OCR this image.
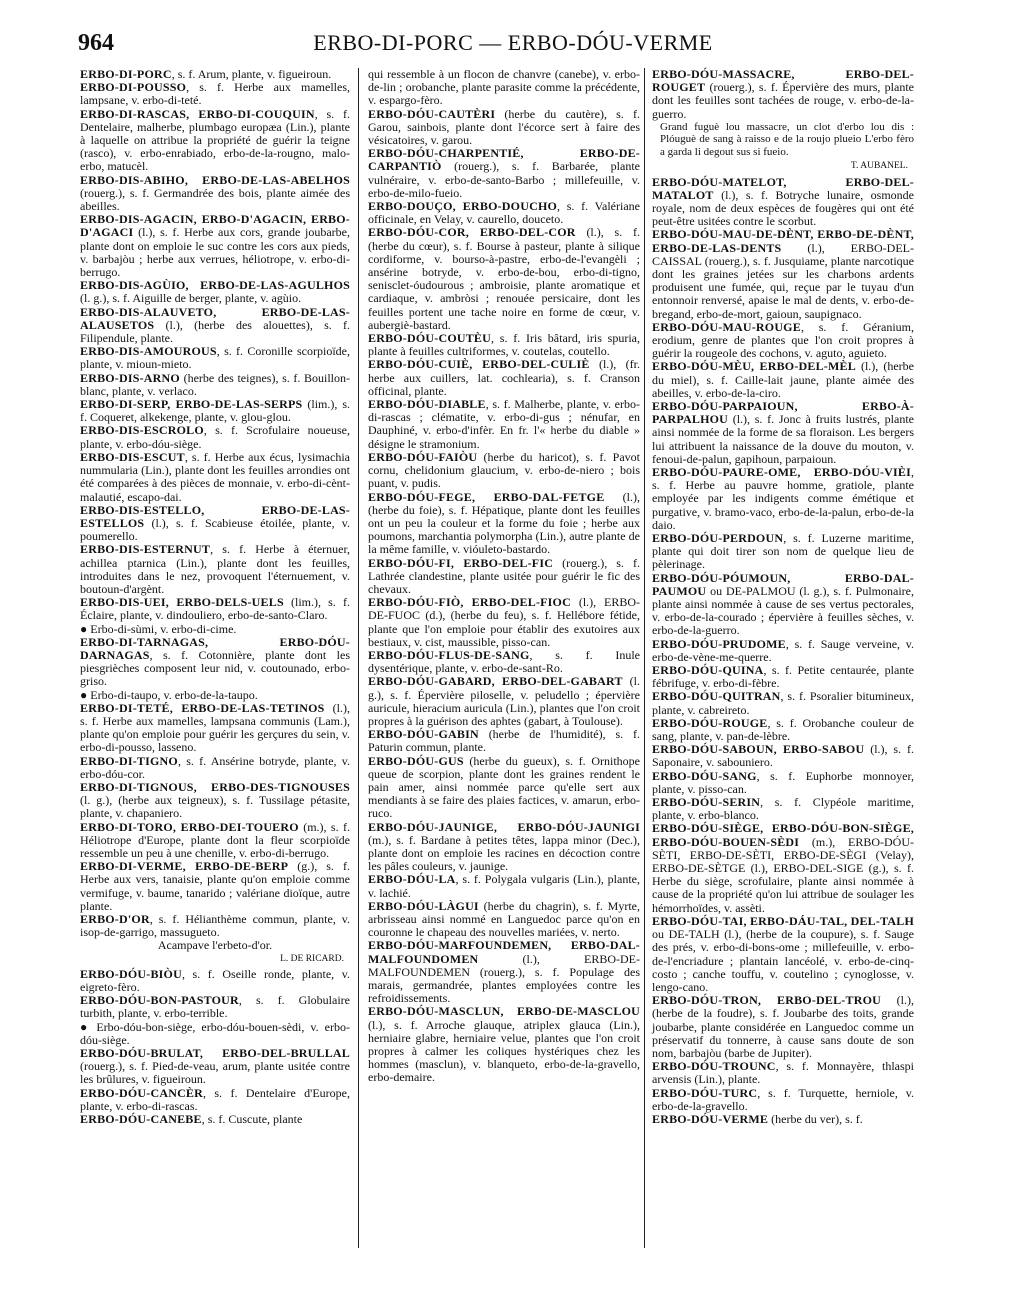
964	ERBO-DI-PORC — ERBO-DÓU-VERME
ERBO-DI-PORC, s. f. Arum, plante, v. figueiroun.
ERBO-DI-POUSSO, s. f. Herbe aux mamelles, lampsane, v. erbo-di-teté.
ERBO-DI-RASCAS, ERBO-DI-COUQUIN, s. f. Dentelaire, malherbe, plumbago europæa (Lin.), plante à laquelle on attribue la propriété de guérir la teigne (rasco), v. erbo-enrabiado, erbo-de-la-rougno, malo-erbo, matucèl.
ERBO-DIS-ABIHO, ERBO-DE-LAS-ABELHOS (rouerg.), s. f. Germandrée des bois, plante aimée des abeilles.
ERBO-DIS-AGACIN, ERBO-D'AGACIN, ERBO-D'AGACI (l.), s. f. Herbe aux cors, grande joubarbe, plante dont on emploie le suc contre les cors aux pieds, v. barbajòu ; herbe aux verrues, héliotrope, v. erbo-di-berrugo.
ERBO-DIS-AGÙIO, ERBO-DE-LAS-AGULHOS (l. g.), s. f. Aiguille de berger, plante, v. agùio.
ERBO-DIS-ALAUVETO, ERBO-DE-LAS-ALAUSETOS (l.), (herbe des alouettes), s. f. Filipendule, plante.
ERBO-DIS-AMOUROUS, s. f. Coronille scorpioïde, plante, v. mioun-mieto.
ERBO-DIS-ARNO (herbe des teignes), s. f. Bouillon-blanc, plante, v. verlaco.
ERBO-DI-SERP, ERBO-DE-LAS-SERPS (lim.), s. f. Coqueret, alkekenge, plante, v. glou-glou.
ERBO-DIS-ESCROLO, s. f. Scrofulaire noueuse, plante, v. erbo-dóu-siège.
ERBO-DIS-ESCUT, s. f. Herbe aux écus, lysimachia nummularia (Lin.), plante dont les feuilles arrondies ont été comparées à des pièces de monnaie, v. erbo-di-cènt-malautié, escapo-dai.
ERBO-DIS-ESTELLO, ERBO-DE-LAS-ESTELLOS (l.), s. f. Scabieuse étoilée, plante, v. poumerello.
ERBO-DIS-ESTERNUT, s. f. Herbe à éternuer, achillea ptarnica (Lin.), plante dont les feuilles, introduites dans le nez, provoquent l'éternuement, v. boutoun-d'argènt.
ERBO-DIS-UEI, ERBO-DELS-UELS (lim.), s. f. Éclaire, plante, v. dindouliero, erbo-de-santo-Claro.
● Erbo-di-sùmi, v. erbo-di-cime.
ERBO-DI-TARNAGAS, ERBO-DÓU-DARNAGAS, s. f. Cotonnière, plante dont les piesgrièches composent leur nid, v. coutounado, erbo-griso.
● Erbo-di-taupo, v. erbo-de-la-taupo.
ERBO-DI-TETÉ, ERBO-DE-LAS-TETINOS (l.), s. f. Herbe aux mamelles, lampsana communis (Lam.), plante qu'on emploie pour guérir les gerçures du sein, v. erbo-di-pousso, lasseno.
ERBO-DI-TIGNO, s. f. Ansérine botryde, plante, v. erbo-dóu-cor.
ERBO-DI-TIGNOUS, ERBO-DES-TIGNOUSES (l. g.), (herbe aux teigneux), s. f. Tussilage pétasite, plante, v. chapaniero.
ERBO-DI-TORO, ERBO-DEI-TOUERO (m.), s. f. Héliotrope d'Europe, plante dont la fleur scorpioïde ressemble un peu à une chenille, v. erbo-di-berrugo.
ERBO-DI-VERME, ERBO-DE-BERP (g.), s. f. Herbe aux vers, tanaisie, plante qu'on emploie comme vermifuge, v. baume, tanarido ; valériane dioïque, autre plante.
ERBO-D'OR, s. f. Hélianthème commun, plante, v. isop-de-garrigo, massugueto.
Acampave l'erbeto-d'or.
L. DE RICARD.
ERBO-DÓU-BIÒU, s. f. Oseille ronde, plante, v. eigreto-fèro.
ERBO-DÓU-BON-PASTOUR, s. f. Globulaire turbith, plante, v. erbo-terrible.
● Erbo-dóu-bon-siège, erbo-dóu-bouen-sèdi, v. erbo-dóu-siège.
ERBO-DÓU-BRULAT, ERBO-DEL-BRULLAL (rouerg.), s. f. Pied-de-veau, arum, plante usitée contre les brûlures, v. figueiroun.
ERBO-DÓU-CANCÈR, s. f. Dentelaire d'Europe, plante, v. erbo-di-rascas.
ERBO-DÓU-CANEBE, s. f. Cuscute, plante
qui ressemble à un flocon de chanvre (canebe), v. erbo-de-lin ; orobanche, plante parasite comme la précédente, v. espargo-fèro.
ERBO-DÓU-CAUTÈRI (herbe du cautère), s. f. Garou, sainbois, plante dont l'écorce sert à faire des vésicatoires, v. garou.
ERBO-DÓU-CHARPENTIÉ, ERBO-DE-CARPANTIÒ (rouerg.), s. f. Barbarée, plante vulnéraire, v. erbo-de-santo-Barbo ; millefeuille, v. erbo-de-milo-fueio.
ERBO-DOUÇO, ERBO-DOUCHO, s. f. Valériane officinale, en Velay, v. caurello, douceto.
ERBO-DÓU-COR, ERBO-DEL-COR (l.), s. f. (herbe du cœur), s. f. Bourse à pasteur, plante à silique cordiforme, v. bourso-à-pastre, erbo-de-l'evangèli ; ansérine botryde, v. erbo-de-bou, erbo-di-tigno, senisclet-óudourous ; ambroisie, plante aromatique et cardiaque, v. ambròsi ; renouée persicaire, dont les feuilles portent une tache noire en forme de cœur, v. aubergiè-bastard.
ERBO-DÓU-COUTÈU, s. f. Iris bâtard, iris spuria, plante à feuilles cultriformes, v. coutelas, coutello.
ERBO-DÓU-CUIÈ, ERBO-DEL-CULIÈ (l.), (fr. herbe aux cuillers, lat. cochlearia), s. f. Cranson officinal, plante.
ERBO-DÓU-DIABLE, s. f. Malherbe, plante, v. erbo-di-rascas ; clématite, v. erbo-di-gus ; nénufar, en Dauphiné, v. erbo-d'infèr. En fr. l'« herbe du diable » désigne le stramonium.
ERBO-DÓU-FAIÒU (herbe du haricot), s. f. Pavot cornu, chelidonium glaucium, v. erbo-de-niero ; bois puant, v. pudis.
ERBO-DÓU-FEGE, ERBO-DAL-FETGE (l.), (herbe du foie), s. f. Hépatique, plante dont les feuilles ont un peu la couleur et la forme du foie ; herbe aux poumons, marchantia polymorpha (Lin.), autre plante de la même famille, v. vióuleto-bastardo.
ERBO-DÓU-FI, ERBO-DEL-FIC (rouerg.), s. f. Lathrée clandestine, plante usitée pour guérir le fic des chevaux.
ERBO-DÓU-FIÒ, ERBO-DEL-FIOC (l.), ERBO-DE-FUOC (d.), (herbe du feu), s. f. Hellébore fétide, plante que l'on emploie pour établir des exutoires aux bestiaux, v. cist, maussible, pisso-can.
ERBO-DÓU-FLUS-DE-SANG, s. f. Inule dysentérique, plante, v. erbo-de-sant-Ro.
ERBO-DÓU-GABARD, ERBO-DEL-GABART (l. g.), s. f. Épervière piloselle, v. peludello ; épervière auricule, hieracium auricula (Lin.), plantes que l'on croit propres à la guérison des aphtes (gabart, à Toulouse).
ERBO-DÓU-GABIN (herbe de l'humidité), s. f. Paturin commun, plante.
ERBO-DÓU-GUS (herbe du gueux), s. f. Ornithope queue de scorpion, plante dont les graines rendent le pain amer, ainsi nommée parce qu'elle sert aux mendiants à se faire des plaies factices, v. amarun, erbo-ruco.
ERBO-DÓU-JAUNIGE, ERBO-DÓU-JAUNIGI (m.), s. f. Bardane à petites têtes, lappa minor (Dec.), plante dont on emploie les racines en décoction contre les pâles couleurs, v. jaunige.
ERBO-DÓU-LA, s. f. Polygala vulgaris (Lin.), plante, v. lachié.
ERBO-DÓU-LÀGUI (herbe du chagrin), s. f. Myrte, arbrisseau ainsi nommé en Languedoc parce qu'on en couronne le chapeau des nouvelles mariées, v. nerto.
ERBO-DÓU-MARFOUNDEMEN, ERBO-DAL-MALFOUNDOMEN (l.), ERBO-DE-MALFOUNDEMEN (rouerg.), s. f. Populage des marais, germandrée, plantes employées contre les refroidissements.
ERBO-DÓU-MASCLUN, ERBO-DE-MASCLOU (l.), s. f. Arroche glauque, atriplex glauca (Lin.), herniaire glabre, herniaire velue, plantes que l'on croit propres à calmer les coliques hystériques chez les hommes (masclun), v. blanqueto, erbo-de-la-gravello, erbo-demaire.
ERBO-DÓU-MASSACRE, ERBO-DEL-ROUGET (rouerg.), s. f. Épervière des murs, plante dont les feuilles sont tachées de rouge, v. erbo-de-la-guerro.
Grand fuguè lou massacre, un clot d'erbo lou dis : Plóuguè de sang à raisso e de la roujo plueio L'erbo fèro a garda li degout sus si fueio.
T. AUBANEL.
ERBO-DÓU-MATELOT, ERBO-DEL-MATALOT (l.), s. f. Botryche lunaire, osmonde royale, nom de deux espèces de fougères qui ont été peut-être usitées contre le scorbut.
ERBO-DÓU-MAU-DE-DÈNT, ERBO-DE-DÈNT, ERBO-DE-LAS-DENTS (l.), ERBO-DEL-CAISSAL (rouerg.), s. f. Jusquiame, plante narcotique dont les graines jetées sur les charbons ardents produisent une fumée, qui, reçue par le tuyau d'un entonnoir renversé, apaise le mal de dents, v. erbo-de-bregand, erbo-de-mort, gaioun, saupignaco.
ERBO-DÓU-MAU-ROUGE, s. f. Géranium, erodium, genre de plantes que l'on croit propres à guérir la rougeole des cochons, v. aguto, aguieto.
ERBO-DÓU-MÈU, ERBO-DEL-MÈL (l.), (herbe du miel), s. f. Caille-lait jaune, plante aimée des abeilles, v. erbo-de-la-ciro.
ERBO-DÓU-PARPAIOUN, ERBO-À-PARPALHOU (l.), s. f. Jonc à fruits lustrés, plante ainsi nommée de la forme de sa floraison. Les bergers lui attribuent la naissance de la douve du mouton, v. fenoui-de-palun, gapihoun, parpaioun.
ERBO-DÓU-PAURE-OME, ERBO-DÓU-VIÈI, s. f. Herbe au pauvre homme, gratiole, plante employée par les indigents comme émétique et purgative, v. bramo-vaco, erbo-de-la-palun, erbo-de-la daio.
ERBO-DÓU-PERDOUN, s. f. Luzerne maritime, plante qui doit tirer son nom de quelque lieu de pèlerinage.
ERBO-DÓU-PÓUMOUN, ERBO-DAL-PAUMOU ou DE-PALMOU (l. g.), s. f. Pulmonaire, plante ainsi nommée à cause de ses vertus pectorales, v. erbo-de-la-courado ; épervière à feuilles sèches, v. erbo-de-la-guerro.
ERBO-DÓU-PRUDOME, s. f. Sauge verveine, v. erbo-de-vène-me-querre.
ERBO-DÓU-QUINA, s. f. Petite centaurée, plante fébrifuge, v. erbo-di-fèbre.
ERBO-DÓU-QUITRAN, s. f. Psoralier bitumineux, plante, v. cabreireto.
ERBO-DÓU-ROUGE, s. f. Orobanche couleur de sang, plante, v. pan-de-lèbre.
ERBO-DÓU-SABOUN, ERBO-SABOU (l.), s. f. Saponaire, v. sabouniero.
ERBO-DÓU-SANG, s. f. Euphorbe monnoyer, plante, v. pisso-can.
ERBO-DÓU-SERIN, s. f. Clypéole maritime, plante, v. erbo-blanco.
ERBO-DÓU-SIÈGE, ERBO-DÓU-BON-SIÈGE, ERBO-DÓU-BOUEN-SÈDI (m.), ERBO-DÓU-SÈTI, ERBO-DE-SÈTI, ERBO-DE-SÈGI (Velay), ERBO-DE-SÈTGE (l.), ERBO-DEL-SIGE (g.), s. f. Herbe du siège, scrofulaire, plante ainsi nommée à cause de la propriété qu'on lui attribue de soulager les hémorrhoïdes, v. assèti.
ERBO-DÓU-TAI, ERBO-DÁU-TAL, DEL-TALH ou DE-TALH (l.), (herbe de la coupure), s. f. Sauge des prés, v. erbo-di-bons-ome ; millefeuille, v. erbo-de-l'encriadure ; plantain lancéolé, v. erbo-de-cinq-costo ; canche touffu, v. coutelino ; cynoglosse, v. lengo-cano.
ERBO-DÓU-TRON, ERBO-DEL-TROU (l.), (herbe de la foudre), s. f. Joubarbe des toits, grande joubarbe, plante considérée en Languedoc comme un préservatif du tonnerre, à cause sans doute de son nom, barbajòu (barbe de Jupiter).
ERBO-DÓU-TROUNC, s. f. Monnayère, thlaspi arvensis (Lin.), plante.
ERBO-DÓU-TURC, s. f. Turquette, herniole, v. erbo-de-la-gravello.
ERBO-DÓU-VERME (herbe du ver), s. f.
